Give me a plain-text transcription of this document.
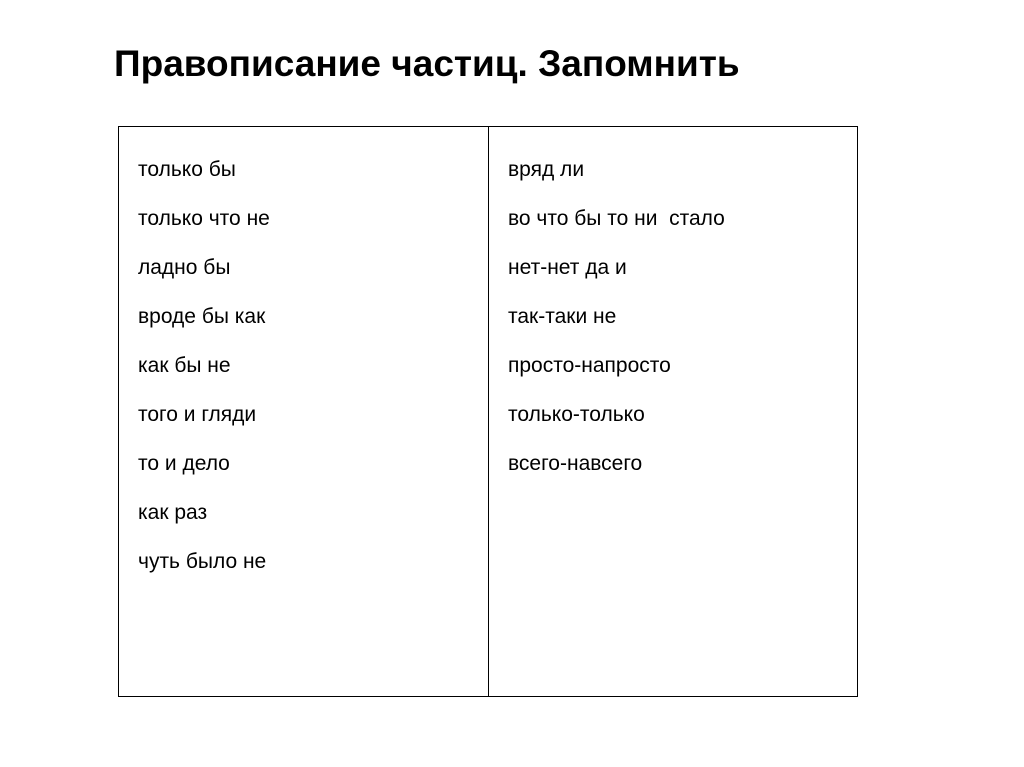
Правописание частиц. Запомнить
только бы
только что не
ладно бы
вроде бы как
как бы не
того и гляди
то и дело
как раз
чуть было не
вряд ли
во что бы то ни  стало
нет-нет да и
так-таки не
просто-напросто
только-только
всего-навсего
